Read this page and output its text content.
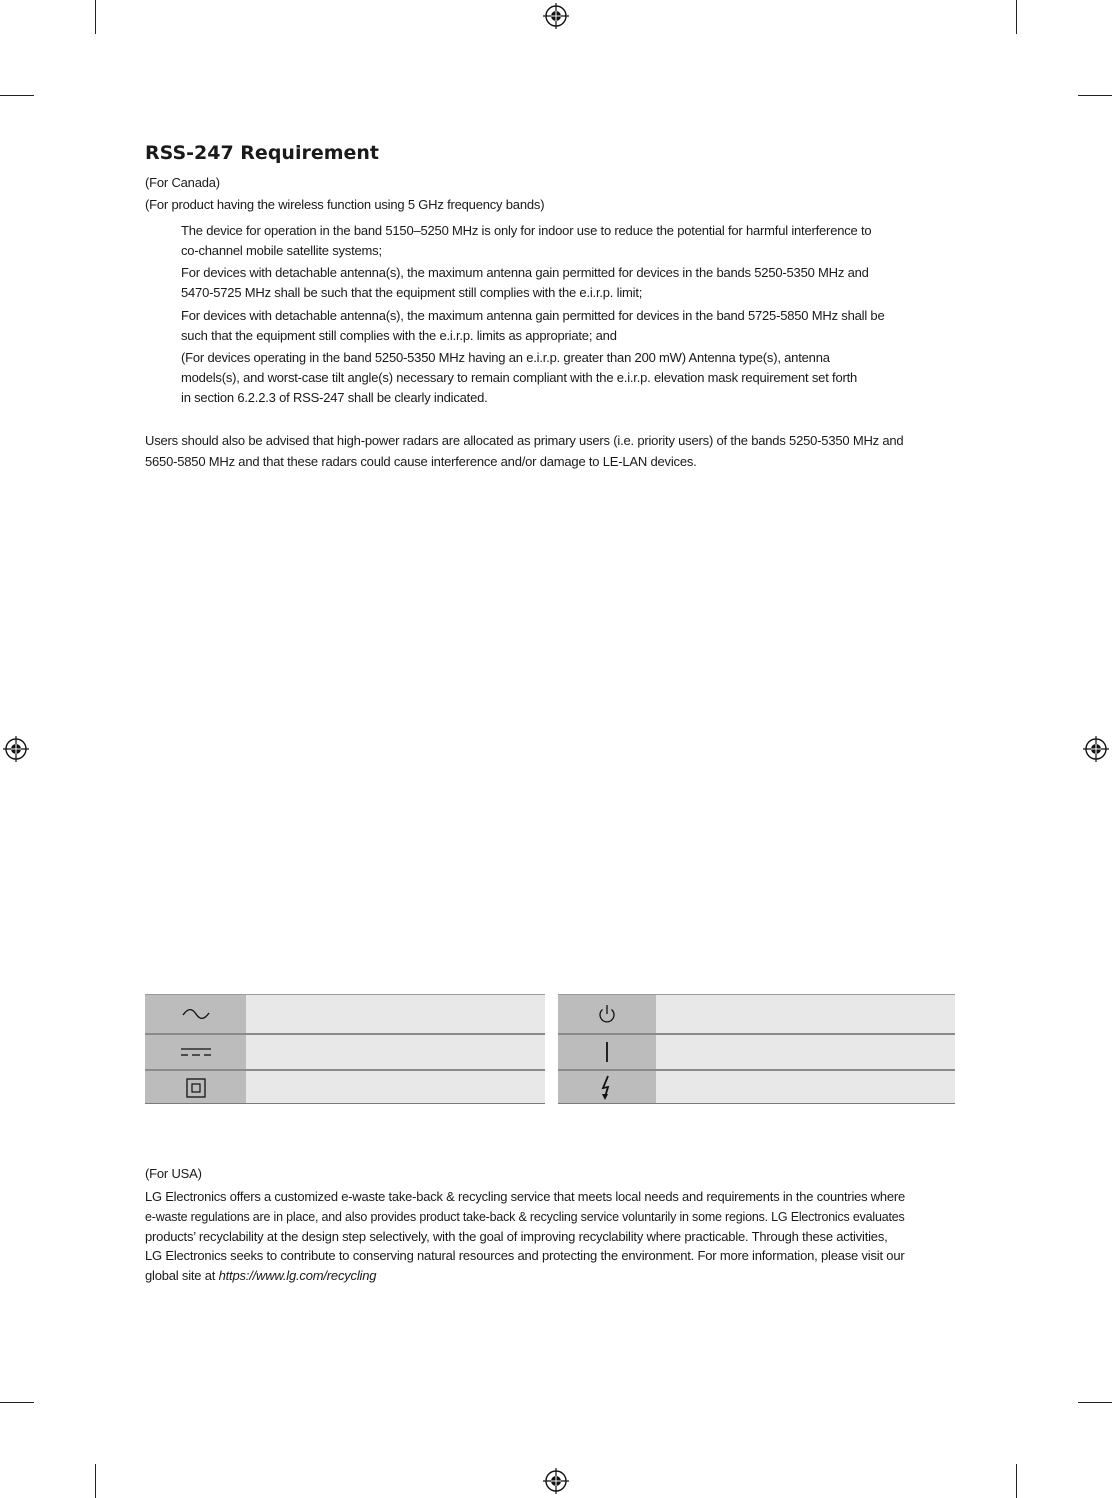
RSS-247 Requirement
(For Canada)
(For product having the wireless function using 5 GHz frequency bands)
The device for operation in the band 5150–5250 MHz is only for indoor use to reduce the potential for harmful interference to
co-channel mobile satellite systems;
For devices with detachable antenna(s), the maximum antenna gain permitted for devices in the bands 5250-5350 MHz and
5470-5725 MHz shall be such that the equipment still complies with the e.i.r.p. limit;
For devices with detachable antenna(s), the maximum antenna gain permitted for devices in the band 5725-5850 MHz shall be
such that the equipment still complies with the e.i.r.p. limits as appropriate; and
(For devices operating in the band 5250-5350 MHz having an e.i.r.p. greater than 200 mW) Antenna type(s), antenna
models(s), and worst-case tilt angle(s) necessary to remain compliant with the e.i.r.p. elevation mask requirement set forth
in section 6.2.2.3 of RSS-247 shall be clearly indicated.
Users should also be advised that high-power radars are allocated as primary users (i.e. priority users) of the bands 5250-5350 MHz and
5650-5850 MHz and that these radars could cause interference and/or damage to LE-LAN devices.
(For USA)
LG Electronics offers a customized e-waste take-back & recycling service that meets local needs and requirements in the countries where
e-waste regulations are in place, and also provides product take-back & recycling service voluntarily in some regions. LG Electronics evaluates
products’ recyclability at the design step selectively, with the goal of improving recyclability where practicable. Through these activities,
LG Electronics seeks to contribute to conserving natural resources and protecting the environment. For more information, please visit our
global site at https://www.lg.com/recycling
